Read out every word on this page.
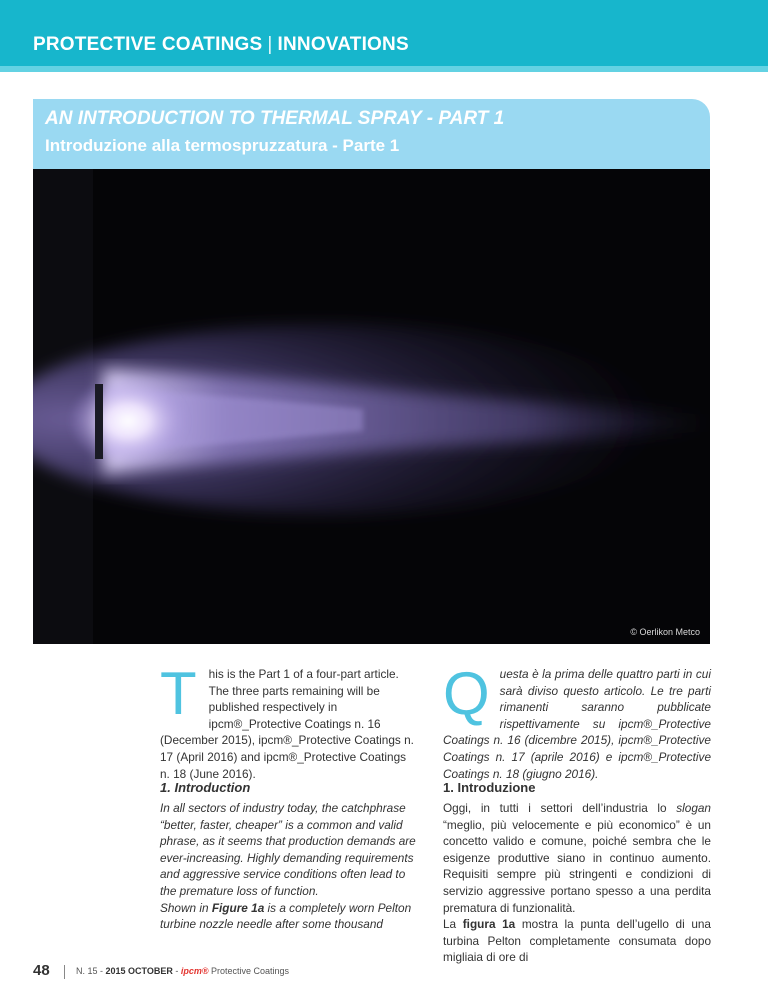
PROTECTIVE COATINGS | INNOVATIONS
AN INTRODUCTION TO THERMAL SPRAY - PART 1
Introduzione alla termospruzzatura - Parte 1
© Oerlikon Metco
T his is the Part 1 of a four-part article. The three parts remaining will be published respectively in ipcm®_Protective Coatings n. 16 (December 2015), ipcm®_Protective Coatings n. 17 (April 2016) and ipcm®_Protective Coatings n. 18 (June 2016).
Questa è la prima delle quattro parti in cui sarà diviso questo articolo. Le tre parti rimanenti saranno pubblicate rispettivamente su ipcm®_Protective Coatings n. 16 (dicembre 2015), ipcm®_Protective Coatings n. 17 (aprile 2016) e ipcm®_Protective Coatings n. 18 (giugno 2016).
1. Introduction	1. Introduzione

In all sectors of industry today, the catchphrase “better, faster, cheaper” is a common and valid phrase, as it seems that production demands are ever-increasing. Highly demanding requirements and aggressive service conditions often lead to the premature loss of function.

Shown in Figure 1a is a completely worn Pelton turbine nozzle needle after some thousand

Oggi, in tutti i settori dell’industria lo slogan “meglio, più velocemente e più economico” è un concetto valido e comune, poiché sembra che le esigenze produttive siano in continuo aumento. Requisiti sempre più stringenti e condizioni di servizio aggressive portano spesso a una perdita prematura di funzionalità.

La figura 1a mostra la punta dell’ugello di una turbina Pelton completamente consumata dopo migliaia di ore di

48	N. 15 - 2015 OCTOBER - ipcm® Protective Coatings
